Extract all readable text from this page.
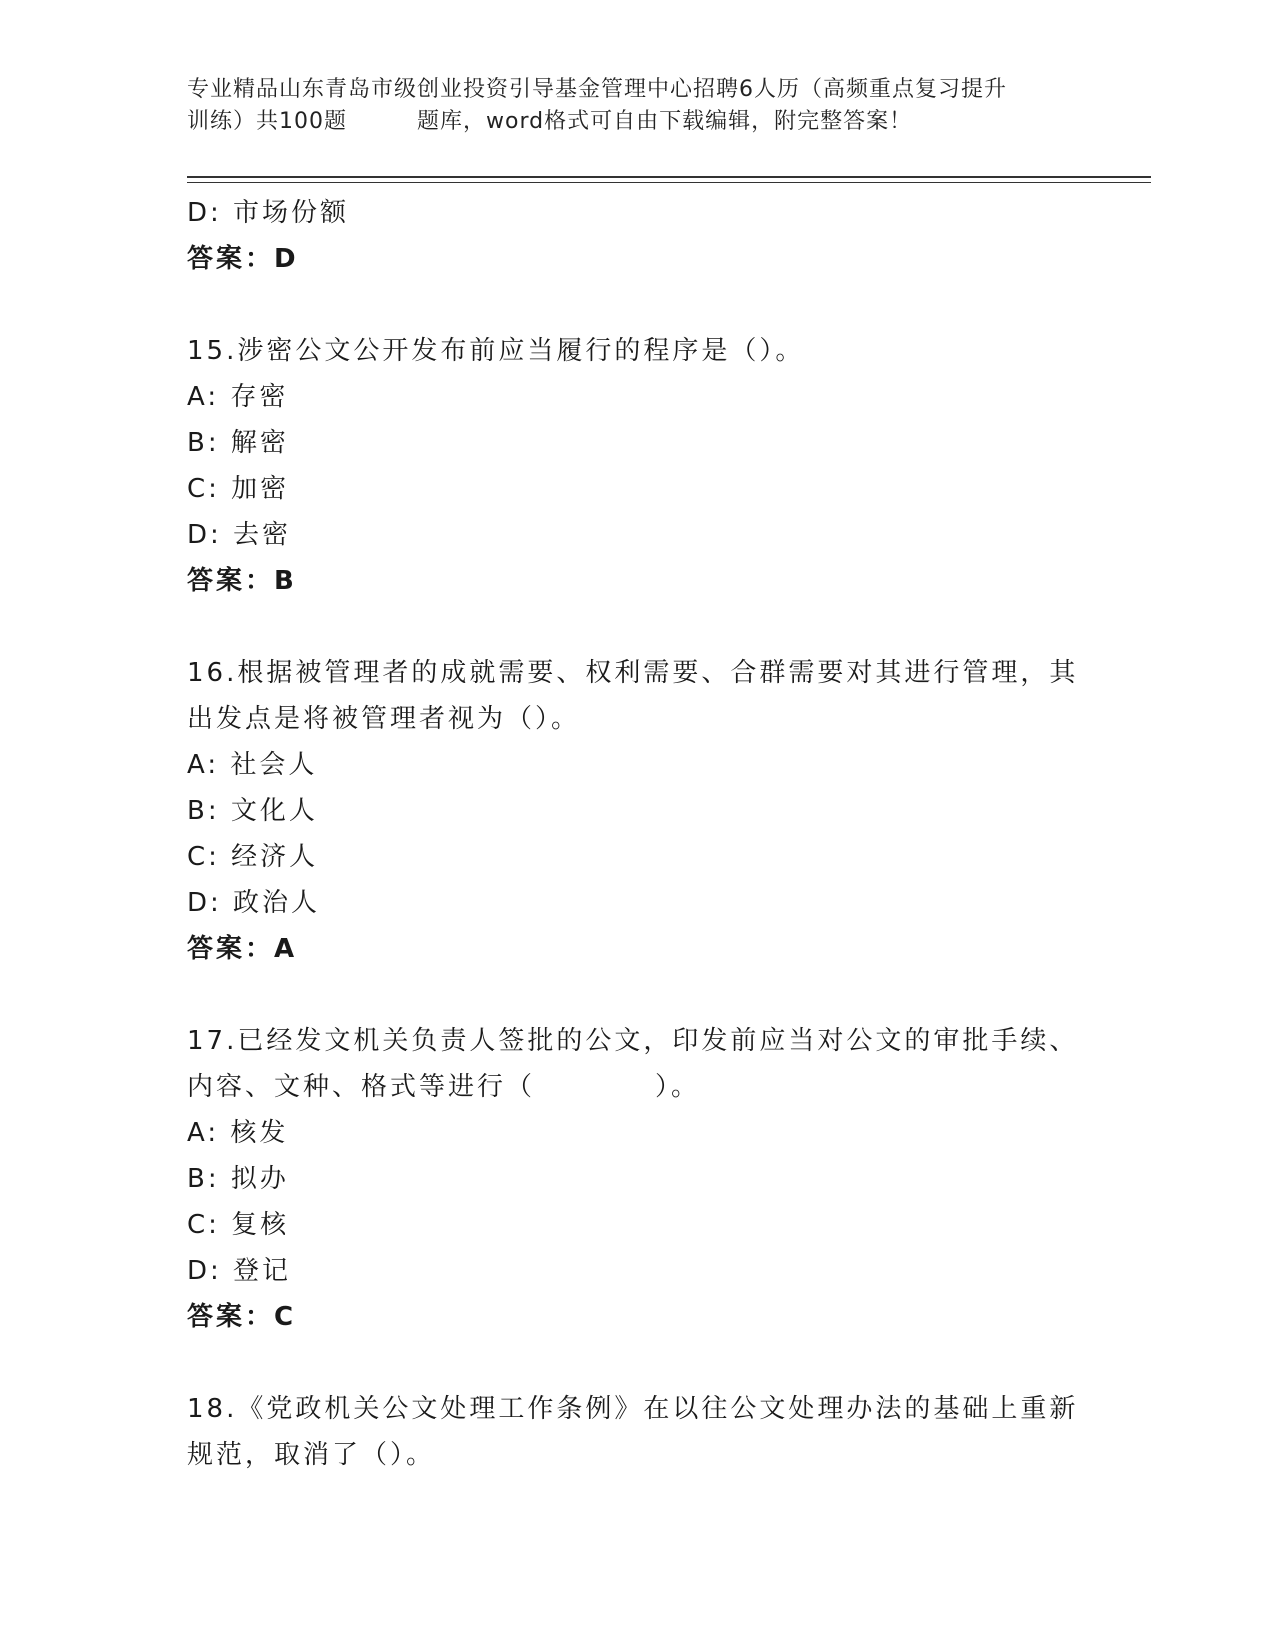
专业精品山东青岛市级创业投资引导基金管理中心招聘6人历（高频重点复习提升
训练）共100题	题库，word格式可自由下载编辑，附完整答案！
D: 市场份额
答案：D
15.涉密公文公开发布前应当履行的程序是（）。
A: 存密
B: 解密
C: 加密
D: 去密
答案：B
16.根据被管理者的成就需要、权利需要、合群需要对其进行管理，其
出发点是将被管理者视为（）。
A: 社会人
B: 文化人
C: 经济人
D: 政治人
答案：A
17.已经发文机关负责人签批的公文，印发前应当对公文的审批手续、
内容、文种、格式等进行（	）。
A: 核发
B: 拟办
C: 复核
D: 登记
答案：C
18.《党政机关公文处理工作条例》在以往公文处理办法的基础上重新
规范，取消了（）。
